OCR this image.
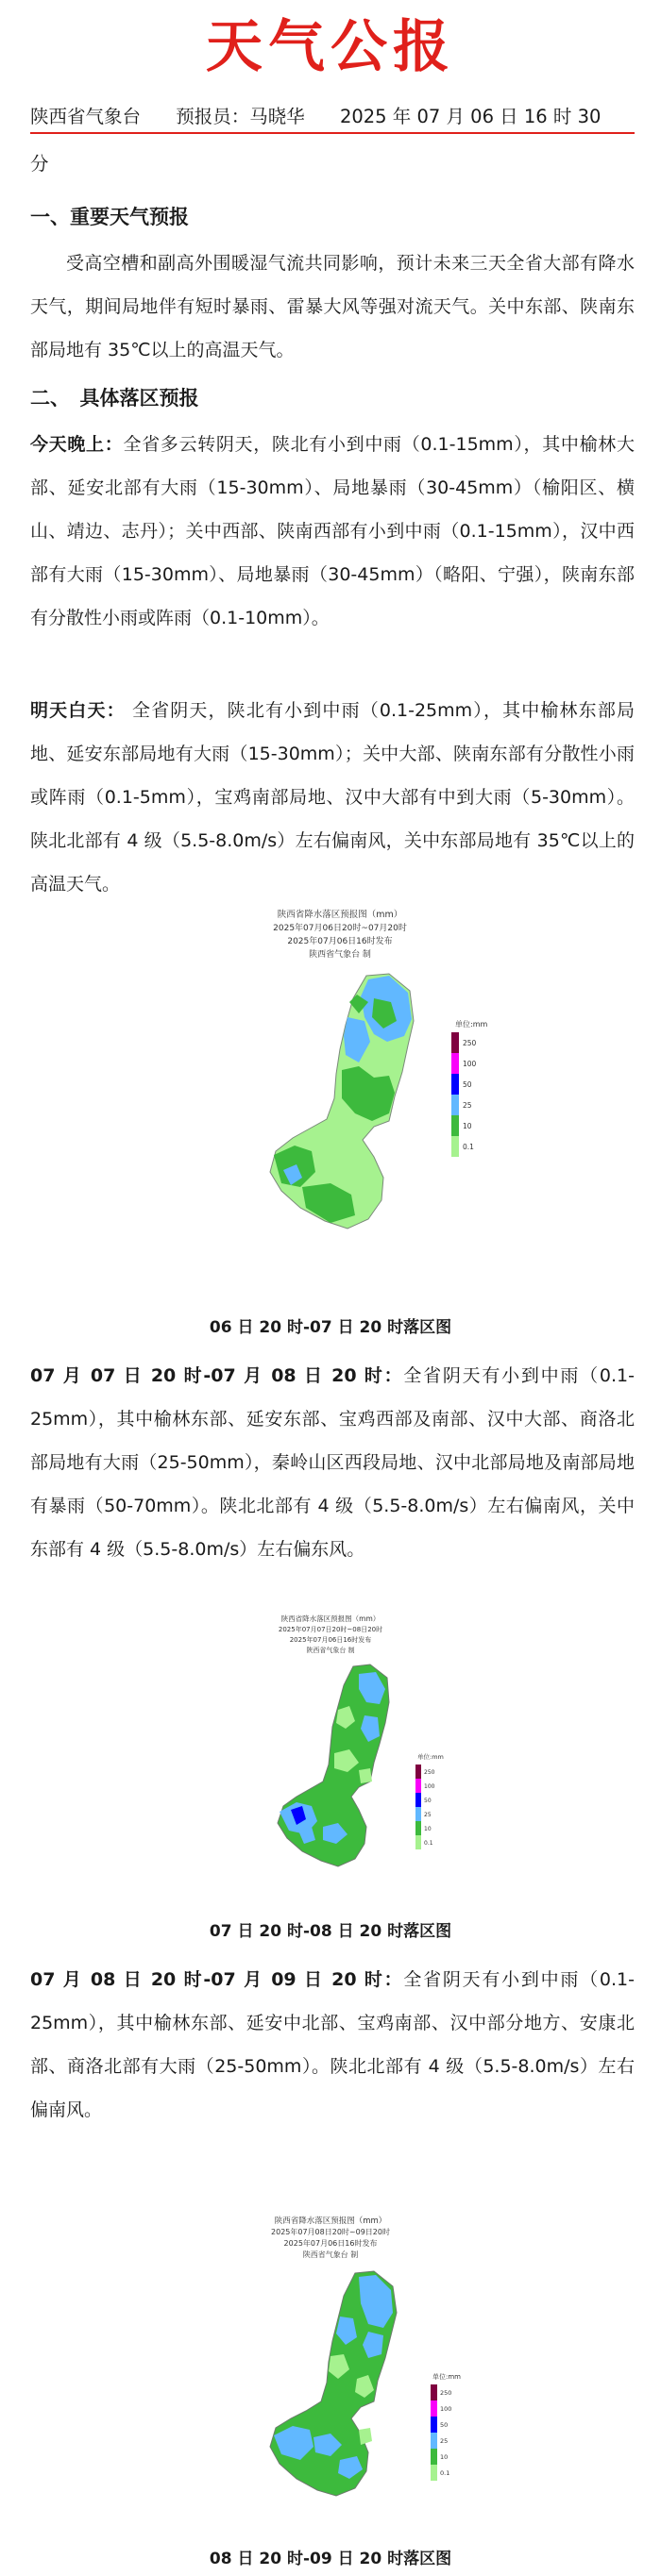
天气公报
陕西省气象台 预报员：马晓华 2025 年 07 月 06 日 16 时 30
分
一、重要天气预报
受高空槽和副高外围暖湿气流共同影响，预计未来三天全省大部有降水天气，期间局地伴有短时暴雨、雷暴大风等强对流天气。关中东部、陕南东部局地有 35℃以上的高温天气。
二、　具体落区预报
今天晚上：全省多云转阴天，陕北有小到中雨（0.1-15mm），其中榆林大部、延安北部有大雨（15-30mm）、局地暴雨（30-45mm）（榆阳区、横山、靖边、志丹）；关中西部、陕南西部有小到中雨（0.1-15mm），汉中西部有大雨（15-30mm）、局地暴雨（30-45mm）（略阳、宁强），陕南东部有分散性小雨或阵雨（0.1-10mm）。
明天白天： 全省阴天，陕北有小到中雨（0.1-25mm），其中榆林东部局地、延安东部局地有大雨（15-30mm）；关中大部、陕南东部有分散性小雨或阵雨（0.1-5mm），宝鸡南部局地、汉中大部有中到大雨（5-30mm）。陕北北部有 4 级（5.5-8.0m/s）左右偏南风，关中东部局地有 35℃以上的高温天气。
陕西省降水落区预报图（mm）
2025年07月06日20时~07月20时
2025年07月06日16时发布
陕西省气象台 制
单位:mm
250
100
50
25
10
0.1
06 日 20 时-07 日 20 时落区图
07 月 07 日 20 时-07 月 08 日 20 时：全省阴天有小到中雨（0.1-25mm），其中榆林东部、延安东部、宝鸡西部及南部、汉中大部、商洛北部局地有大雨（25-50mm），秦岭山区西段局地、汉中北部局地及南部局地有暴雨（50-70mm）。陕北北部有 4 级（5.5-8.0m/s）左右偏南风，关中东部有 4 级（5.5-8.0m/s）左右偏东风。
陕西省降水落区预报图（mm）
2025年07月07日20时~08日20时
2025年07月06日16时发布
陕西省气象台 制
单位:mm
250
100
50
25
10
0.1
07 日 20 时-08 日 20 时落区图
07 月 08 日 20 时-07 月 09 日 20 时：全省阴天有小到中雨（0.1-25mm），其中榆林东部、延安中北部、宝鸡南部、汉中部分地方、安康北部、商洛北部有大雨（25-50mm）。陕北北部有 4 级（5.5-8.0m/s）左右偏南风。
陕西省降水落区预报图（mm）
2025年07月08日20时~09日20时
2025年07月06日16时发布
陕西省气象台 制
单位:mm
250
100
50
25
10
0.1
08 日 20 时-09 日 20 时落区图
